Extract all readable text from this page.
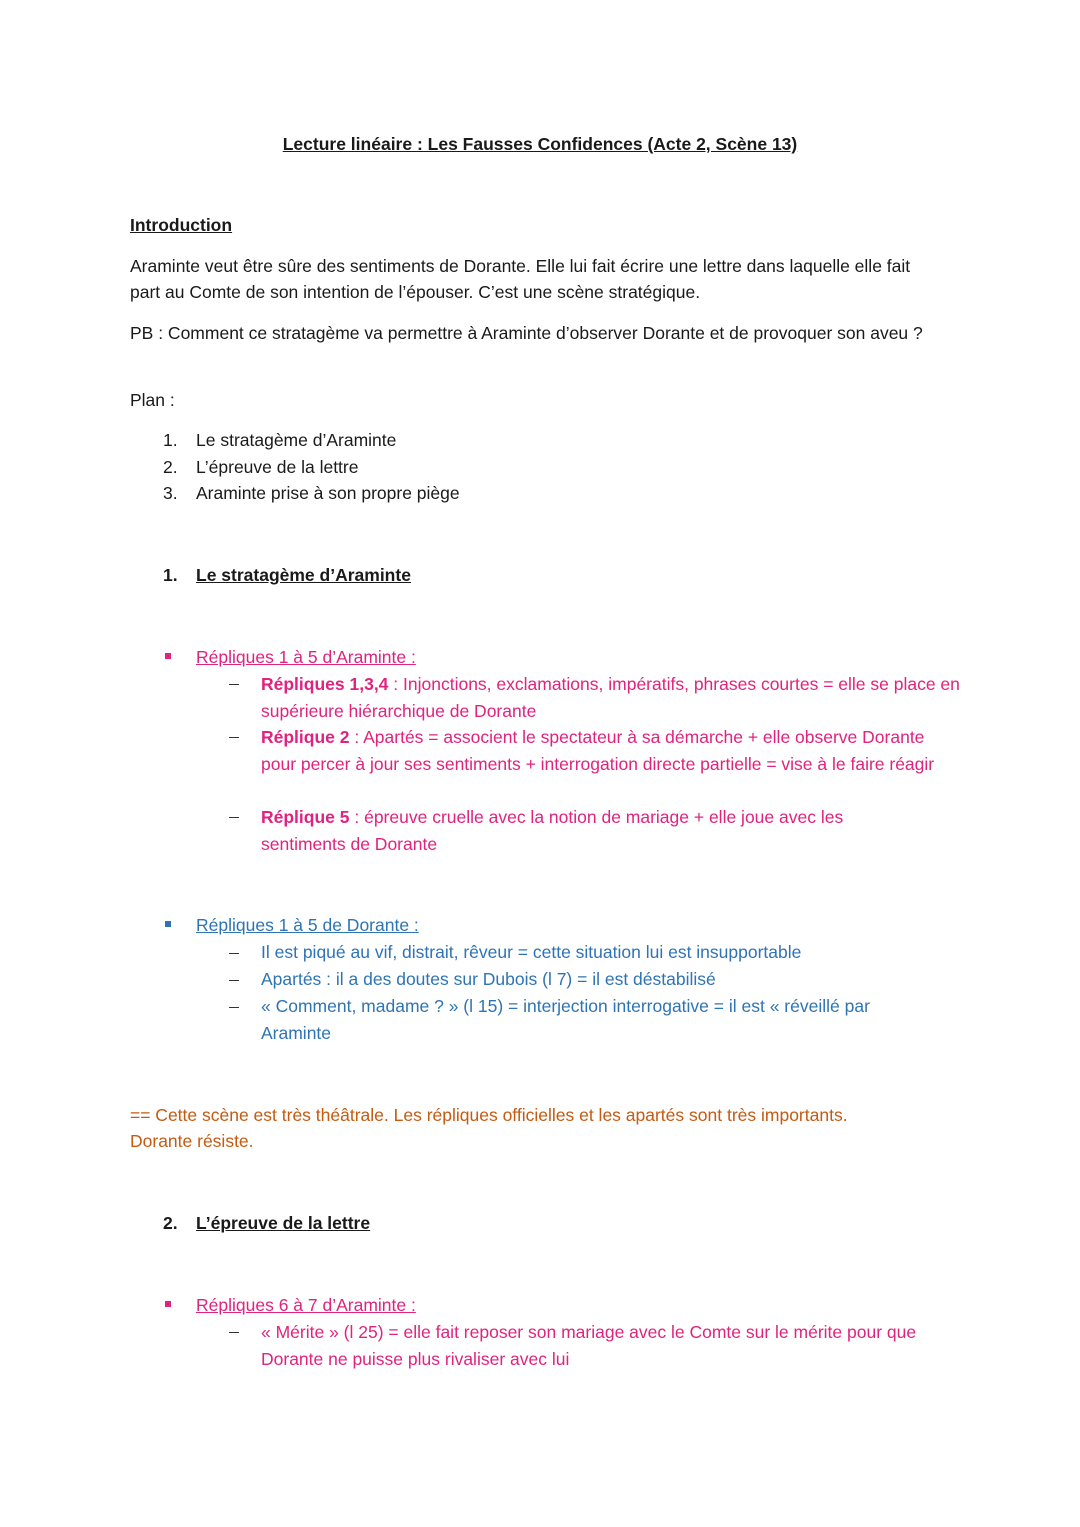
Lecture linéaire : Les Fausses Confidences (Acte 2, Scène 13)

Introduction

Araminte veut être sûre des sentiments de Dorante. Elle lui fait écrire une lettre dans laquelle elle fait part au Comte de son intention de l’épouser. C’est une scène stratégique.

PB : Comment ce stratagème va permettre à Araminte d’observer Dorante et de provoquer son aveu ?

Plan :

1. Le stratagème d’Araminte
2. L’épreuve de la lettre
3. Araminte prise à son propre piège

1. Le stratagème d’Araminte

Répliques 1 à 5 d’Araminte :

Répliques 1,3,4 : Injonctions, exclamations, impératifs, phrases courtes = elle se place en supérieure hiérarchique de Dorante

Réplique 2 : Apartés = associent le spectateur à sa démarche + elle observe Dorante pour percer à jour ses sentiments + interrogation directe partielle = vise à le faire réagir

Réplique 5 : épreuve cruelle avec la notion de mariage + elle joue avec les sentiments de Dorante

Répliques 1 à 5 de Dorante :

Il est piqué au vif, distrait, rêveur = cette situation lui est insupportable

Apartés : il a des doutes sur Dubois (l 7) = il est déstabilisé

« Comment, madame ? » (l 15) = interjection interrogative = il est « réveillé par Araminte

== Cette scène est très théâtrale. Les répliques officielles et les apartés sont très importants. Dorante résiste.

2. L’épreuve de la lettre

Répliques 6 à 7 d’Araminte :

« Mérite » (l 25) = elle fait reposer son mariage avec le Comte sur le mérite pour que Dorante ne puisse plus rivaliser avec lui
